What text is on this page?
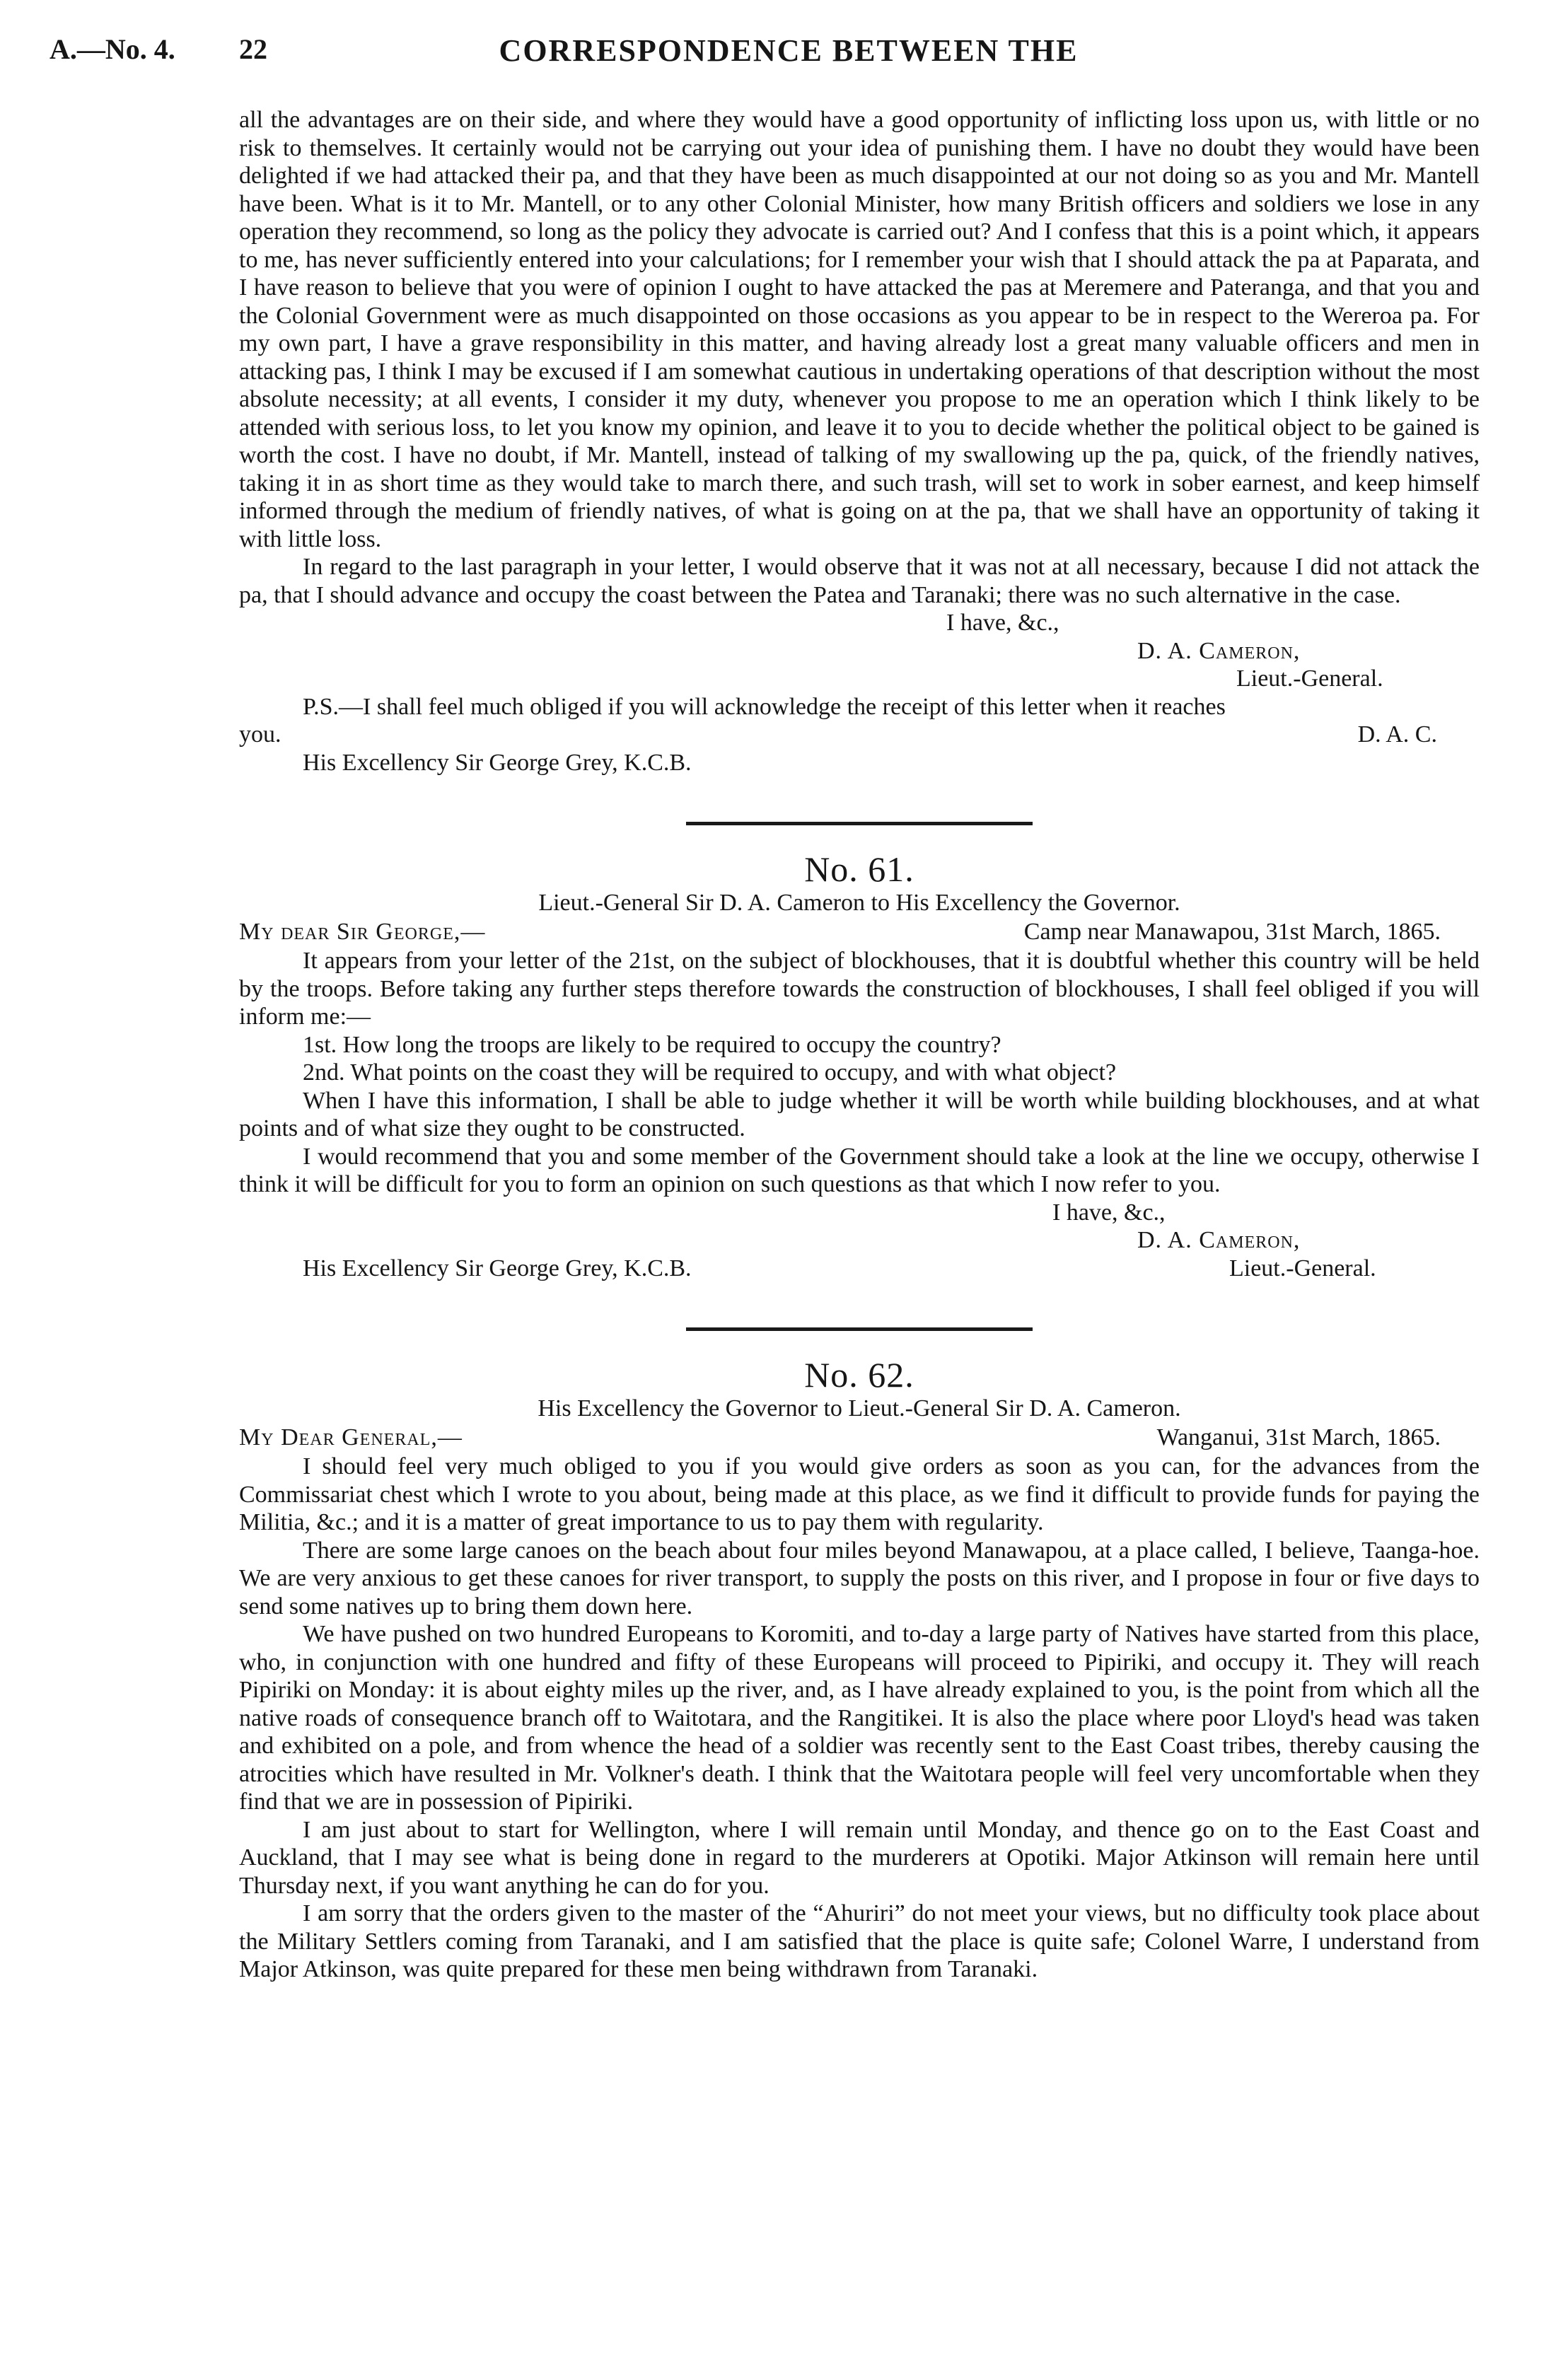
A.—No. 4. 22	CORRESPONDENCE BETWEEN THE

all the advantages are on their side, and where they would have a good opportunity of inflicting loss upon us, with little or no risk to themselves. It certainly would not be carrying out your idea of punishing them. I have no doubt they would have been delighted if we had attacked their pa, and that they have been as much disappointed at our not doing so as you and Mr. Mantell have been. What is it to Mr. Mantell, or to any other Colonial Minister, how many British officers and soldiers we lose in any operation they recommend, so long as the policy they advocate is carried out? And I confess that this is a point which, it appears to me, has never sufficiently entered into your calculations; for I remember your wish that I should attack the pa at Paparata, and I have reason to believe that you were of opinion I ought to have attacked the pas at Meremere and Pateranga, and that you and the Colonial Government were as much disappointed on those occasions as you appear to be in respect to the Wereroa pa. For my own part, I have a grave responsibility in this matter, and having already lost a great many valuable officers and men in attacking pas, I think I may be excused if I am somewhat cautious in undertaking operations of that description without the most absolute necessity; at all events, I consider it my duty, whenever you propose to me an operation which I think likely to be attended with serious loss, to let you know my opinion, and leave it to you to decide whether the political object to be gained is worth the cost. I have no doubt, if Mr. Mantell, instead of talking of my swallowing up the pa, quick, of the friendly natives, taking it in as short time as they would take to march there, and such trash, will set to work in sober earnest, and keep himself informed through the medium of friendly natives, of what is going on at the pa, that we shall have an opportunity of taking it with little loss.

In regard to the last paragraph in your letter, I would observe that it was not at all necessary, because I did not attack the pa, that I should advance and occupy the coast between the Patea and Taranaki; there was no such alternative in the case.

I have, &c.,
D. A. Cameron,
Lieut.-General.

P.S.—I shall feel much obliged if you will acknowledge the receipt of this letter when it reaches

you.	D. A. C.
His Excellency Sir George Grey, K.C.B.

No. 61.

Lieut.-General Sir D. A. Cameron to His Excellency the Governor.

My dear Sir George,—	Camp near Manawapou, 31st March, 1865.

It appears from your letter of the 21st, on the subject of blockhouses, that it is doubtful whether this country will be held by the troops. Before taking any further steps therefore towards the construction of blockhouses, I shall feel obliged if you will inform me:—

1st. How long the troops are likely to be required to occupy the country?

2nd. What points on the coast they will be required to occupy, and with what object?

When I have this information, I shall be able to judge whether it will be worth while building blockhouses, and at what points and of what size they ought to be constructed.

I would recommend that you and some member of the Government should take a look at the line we occupy, otherwise I think it will be difficult for you to form an opinion on such questions as that which I now refer to you.

I have, &c.,
D. A. Cameron,
His Excellency Sir George Grey, K.C.B.	Lieut.-General.

No. 62.

His Excellency the Governor to Lieut.-General Sir D. A. Cameron.

My Dear General,—	Wanganui, 31st March, 1865.

I should feel very much obliged to you if you would give orders as soon as you can, for the advances from the Commissariat chest which I wrote to you about, being made at this place, as we find it difficult to provide funds for paying the Militia, &c.; and it is a matter of great importance to us to pay them with regularity.

There are some large canoes on the beach about four miles beyond Manawapou, at a place called, I believe, Taanga-hoe. We are very anxious to get these canoes for river transport, to supply the posts on this river, and I propose in four or five days to send some natives up to bring them down here.

We have pushed on two hundred Europeans to Koromiti, and to-day a large party of Natives have started from this place, who, in conjunction with one hundred and fifty of these Europeans will proceed to Pipiriki, and occupy it. They will reach Pipiriki on Monday: it is about eighty miles up the river, and, as I have already explained to you, is the point from which all the native roads of consequence branch off to Waitotara, and the Rangitikei. It is also the place where poor Lloyd's head was taken and exhibited on a pole, and from whence the head of a soldier was recently sent to the East Coast tribes, thereby causing the atrocities which have resulted in Mr. Volkner's death. I think that the Waitotara people will feel very uncomfortable when they find that we are in possession of Pipiriki.

I am just about to start for Wellington, where I will remain until Monday, and thence go on to the East Coast and Auckland, that I may see what is being done in regard to the murderers at Opotiki. Major Atkinson will remain here until Thursday next, if you want anything he can do for you.

I am sorry that the orders given to the master of the “Ahuriri” do not meet your views, but no difficulty took place about the Military Settlers coming from Taranaki, and I am satisfied that the place is quite safe; Colonel Warre, I understand from Major Atkinson, was quite prepared for these men being withdrawn from Taranaki.
